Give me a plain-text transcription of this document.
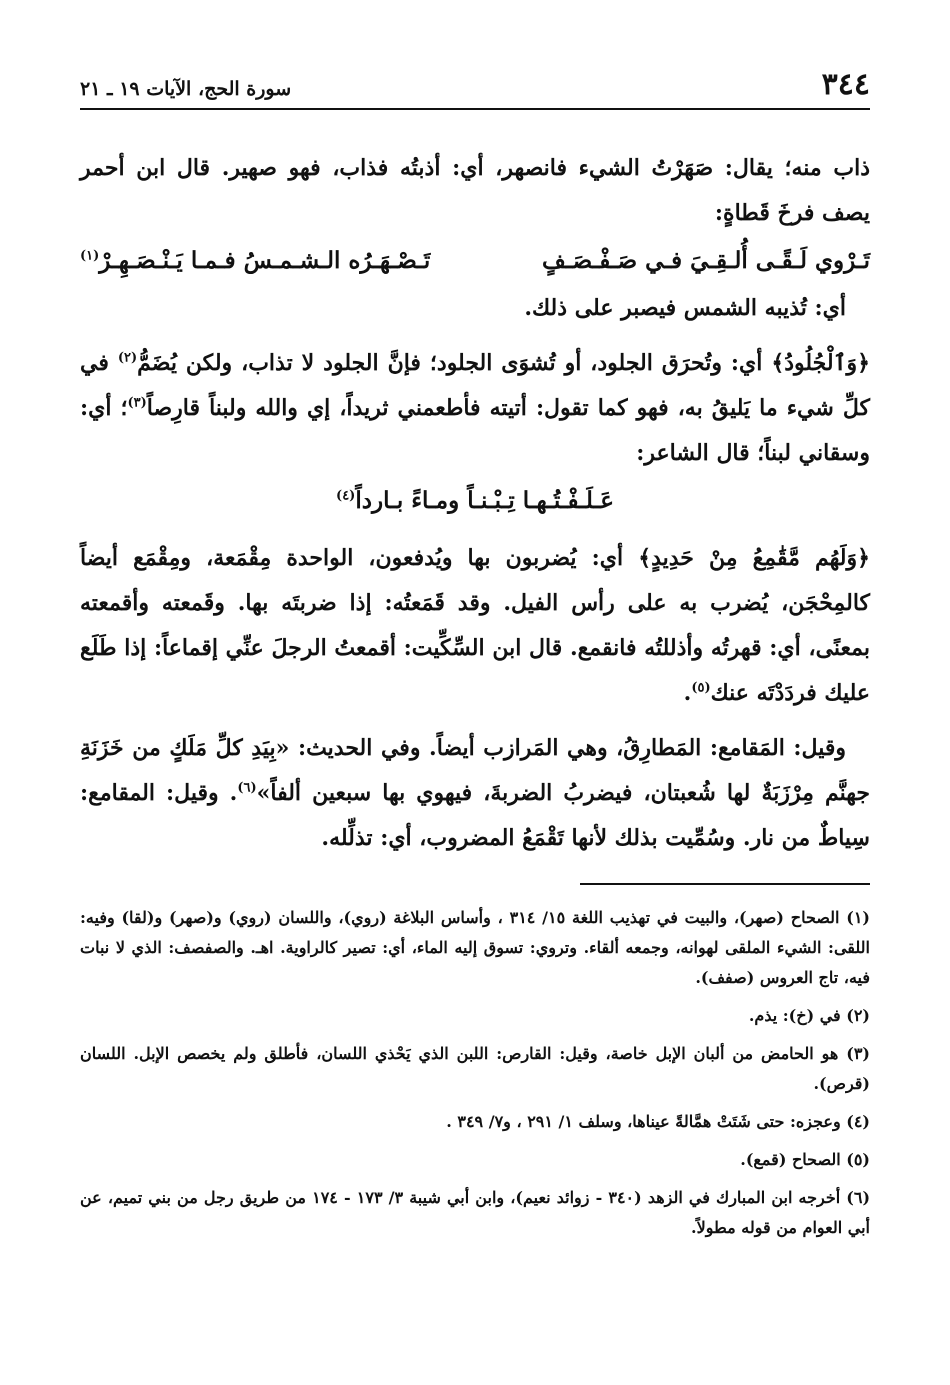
٣٤٤
سورة الحج، الآيات ١٩ ـ ٢١

ذاب منه؛ يقال: صَهَرْتُ الشيء فانصهر، أي: أذبتُه فذاب، فهو صهير. قال ابن أحمر يصف فرخَ قَطاةٍ:

تَـرْوي لَـقًـى أُلـقِـيَ فـي صَـفْـصَـفٍ
تَـصْـهَـرُه الـشـمـسُ فـمـا يَـنْـصَـهِـرْ$^{(١)}$

أي: تُذيبه الشمس فيصبر على ذلك.

﴿وَٱلْجُلُودُ﴾ أي: وتُحرَق الجلود، أو تُشوَى الجلود؛ فإنَّ الجلود لا تذاب، ولكن يُضَمُّ$^{(٢)}$ في كلِّ شيء ما يَليقُ به، فهو كما تقول: أتيته فأطعمني ثريداً، إي والله ولبناً قارِصاً$^{(٣)}$؛ أي: وسقاني لبناً؛ قال الشاعر:

عَـلَـفْـتُـهـا تِـبْـنـاً ومـاءً بـارداً$^{(٤)}$

﴿وَلَهُم مَّقَٰمِعُ مِنْ حَدِيدٍ﴾ أي: يُضربون بها ويُدفعون، الواحدة مِقْمَعة، ومِقْمَع أيضاً كالمِحْجَن، يُضرب به على رأس الفيل. وقد قَمَعتُه: إذا ضربتَه بها. وقَمعته وأقمعته بمعنًى، أي: قهرتُه وأذللتُه فانقمع. قال ابن السِّكِّيت: أقمعتُ الرجلَ عنِّي إقماعاً: إذا طَلَع عليك فردَدْتَه عنك$^{(٥)}$.

وقيل: المَقامع: المَطارِقُ، وهي المَرازب أيضاً. وفي الحديث: «بِيَدِ كلِّ مَلَكٍ من خَزَنَةِ جهنَّم مِرْزَبَةٌ لها شُعبتان، فيضربُ الضربةَ، فيهوي بها سبعين ألفاً»$^{(٦)}$. وقيل: المقامع: سِياطٌ من نار. وسُمِّيت بذلك لأنها تَقْمَعُ المضروب، أي: تذلِّله.

(١) الصحاح (صهر)، والبيت في تهذيب اللغة ١٥/ ٣١٤ ، وأساس البلاغة (روي)، واللسان (روي) و(صهر) و(لقا) وفيه: اللقى: الشيء الملقى لهوانه، وجمعه ألقاء. وتروي: تسوق إليه الماء، أي: تصير كالراوية. اهـ. والصفصف: الذي لا نبات فيه، تاج العروس (صفف).

(٢) في (خ): يذم.

(٣) هو الحامض من ألبان الإبل خاصة، وقيل: القارص: اللبن الذي يَحْذي اللسان، فأطلق ولم يخصص الإبل. اللسان (قرص).

(٤) وعجزه: حتى شَتَتْ همَّالةً عيناها، وسلف ١/ ٢٩١ ، و٧/ ٣٤٩ .

(٥) الصحاح (قمع).

(٦) أخرجه ابن المبارك في الزهد (٣٤٠ - زوائد نعيم)، وابن أبي شيبة ٣/ ١٧٣ - ١٧٤ من طريق رجل من بني تميم، عن أبي العوام من قوله مطولاً.
